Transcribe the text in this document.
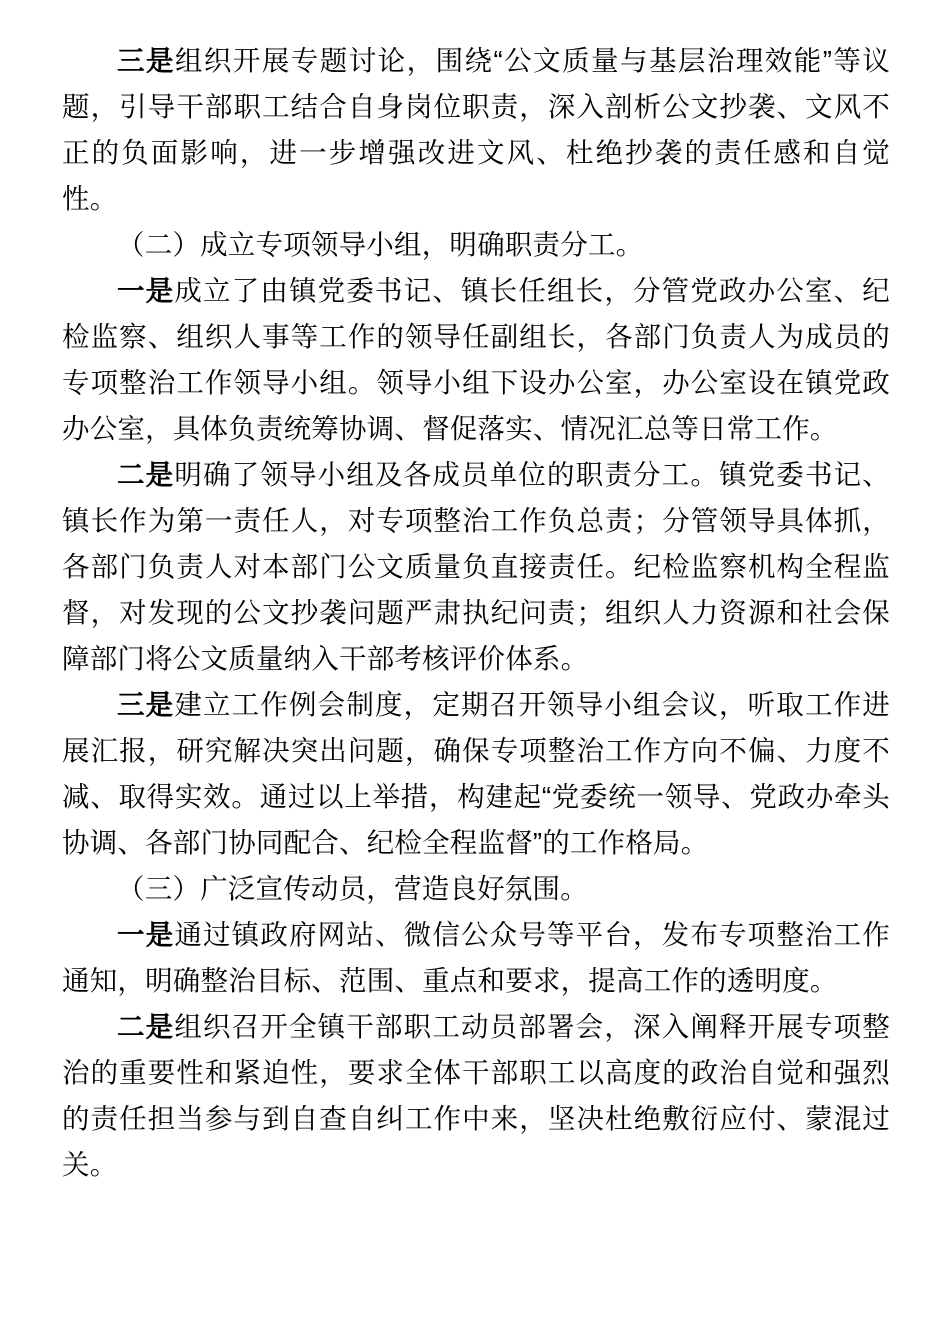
三是组织开展专题讨论，围绕“公文质量与基层治理效能”等议题，引导干部职工结合自身岗位职责，深入剖析公文抄袭、文风不正的负面影响，进一步增强改进文风、杜绝抄袭的责任感和自觉性。

（二）成立专项领导小组，明确职责分工。

一是成立了由镇党委书记、镇长任组长，分管党政办公室、纪检监察、组织人事等工作的领导任副组长，各部门负责人为成员的专项整治工作领导小组。领导小组下设办公室，办公室设在镇党政办公室，具体负责统筹协调、督促落实、情况汇总等日常工作。

二是明确了领导小组及各成员单位的职责分工。镇党委书记、镇长作为第一责任人，对专项整治工作负总责；分管领导具体抓，各部门负责人对本部门公文质量负直接责任。纪检监察机构全程监督，对发现的公文抄袭问题严肃执纪问责；组织人力资源和社会保障部门将公文质量纳入干部考核评价体系。

三是建立工作例会制度，定期召开领导小组会议，听取工作进展汇报，研究解决突出问题，确保专项整治工作方向不偏、力度不减、取得实效。通过以上举措，构建起“党委统一领导、党政办牵头协调、各部门协同配合、纪检全程监督”的工作格局。

（三）广泛宣传动员，营造良好氛围。

一是通过镇政府网站、微信公众号等平台，发布专项整治工作通知，明确整治目标、范围、重点和要求，提高工作的透明度。

二是组织召开全镇干部职工动员部署会，深入阐释开展专项整治的重要性和紧迫性，要求全体干部职工以高度的政治自觉和强烈的责任担当参与到自查自纠工作中来，坚决杜绝敷衍应付、蒙混过关。
